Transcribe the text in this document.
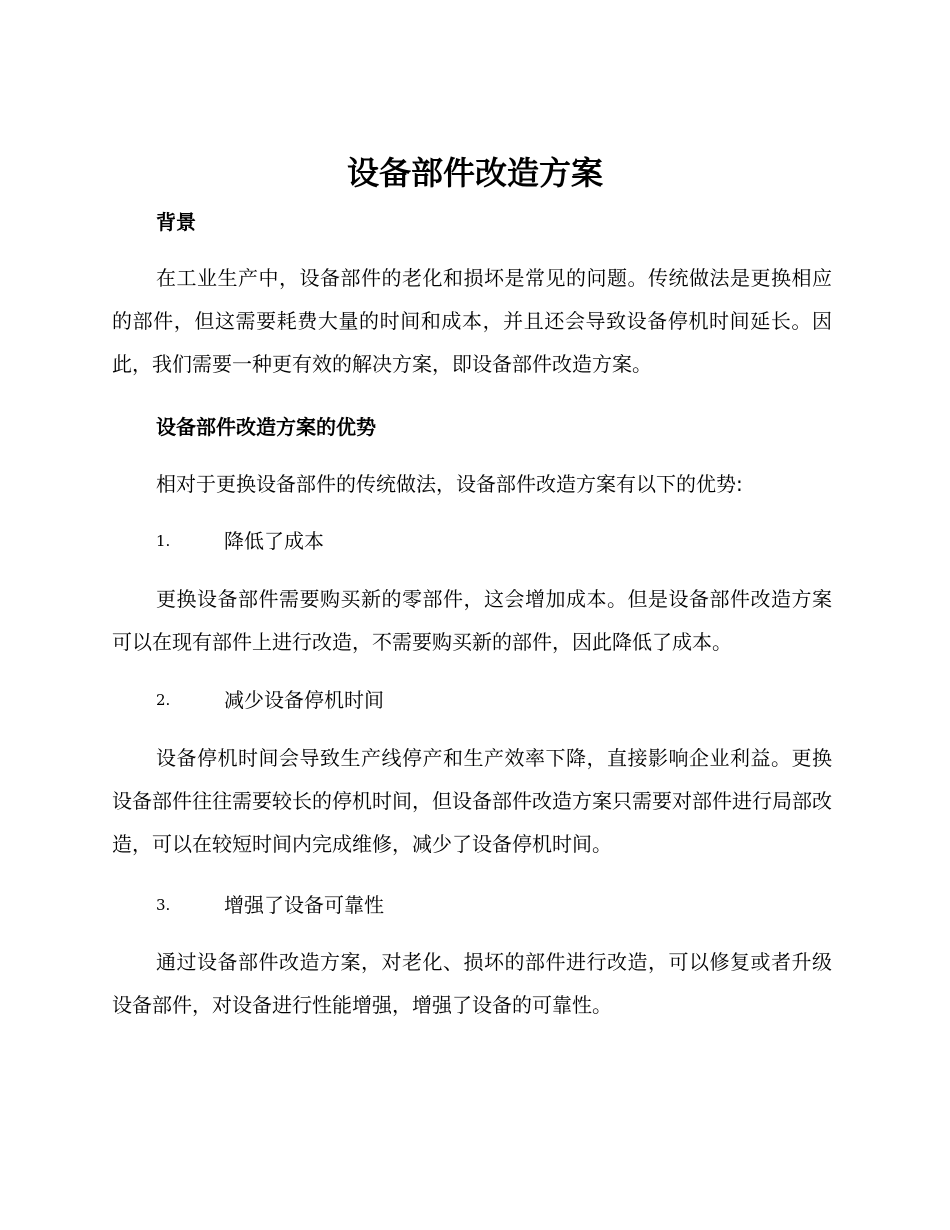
设备部件改造方案
背景
在工业生产中，设备部件的老化和损坏是常见的问题。传统做法是更换相应的部件，但这需要耗费大量的时间和成本，并且还会导致设备停机时间延长。因此，我们需要一种更有效的解决方案，即设备部件改造方案。
设备部件改造方案的优势
相对于更换设备部件的传统做法，设备部件改造方案有以下的优势:
1.	降低了成本
更换设备部件需要购买新的零部件，这会增加成本。但是设备部件改造方案可以在现有部件上进行改造，不需要购买新的部件，因此降低了成本。
2.	减少设备停机时间
设备停机时间会导致生产线停产和生产效率下降，直接影响企业利益。更换设备部件往往需要较长的停机时间，但设备部件改造方案只需要对部件进行局部改造，可以在较短时间内完成维修，减少了设备停机时间。
3.	增强了设备可靠性
通过设备部件改造方案，对老化、损坏的部件进行改造，可以修复或者升级设备部件，对设备进行性能增强，增强了设备的可靠性。
